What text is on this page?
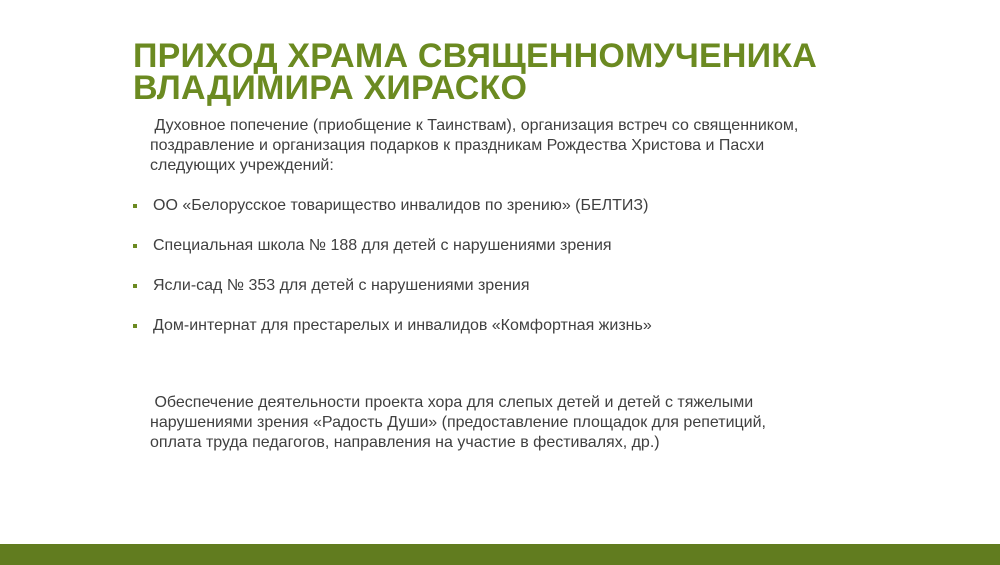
ПРИХОД ХРАМА СВЯЩЕННОМУЧЕНИКА
ВЛАДИМИРА ХИРАСКО

Духовное попечение (приобщение к Таинствам), организация встреч со священником,
поздравление и организация подарков к праздникам Рождества Христова и Пасхи
следующих учреждений:

ОО «Белорусское товарищество инвалидов по зрению» (БЕЛТИЗ)
Специальная школа № 188 для детей с нарушениями зрения
Ясли-сад № 353 для детей с нарушениями зрения
Дом-интернат для престарелых и инвалидов «Комфортная жизнь»

Обеспечение деятельности проекта хора для слепых детей и детей с тяжелыми
нарушениями зрения «Радость Души» (предоставление площадок для репетиций,
оплата труда педагогов, направления на участие в фестивалях, др.)
